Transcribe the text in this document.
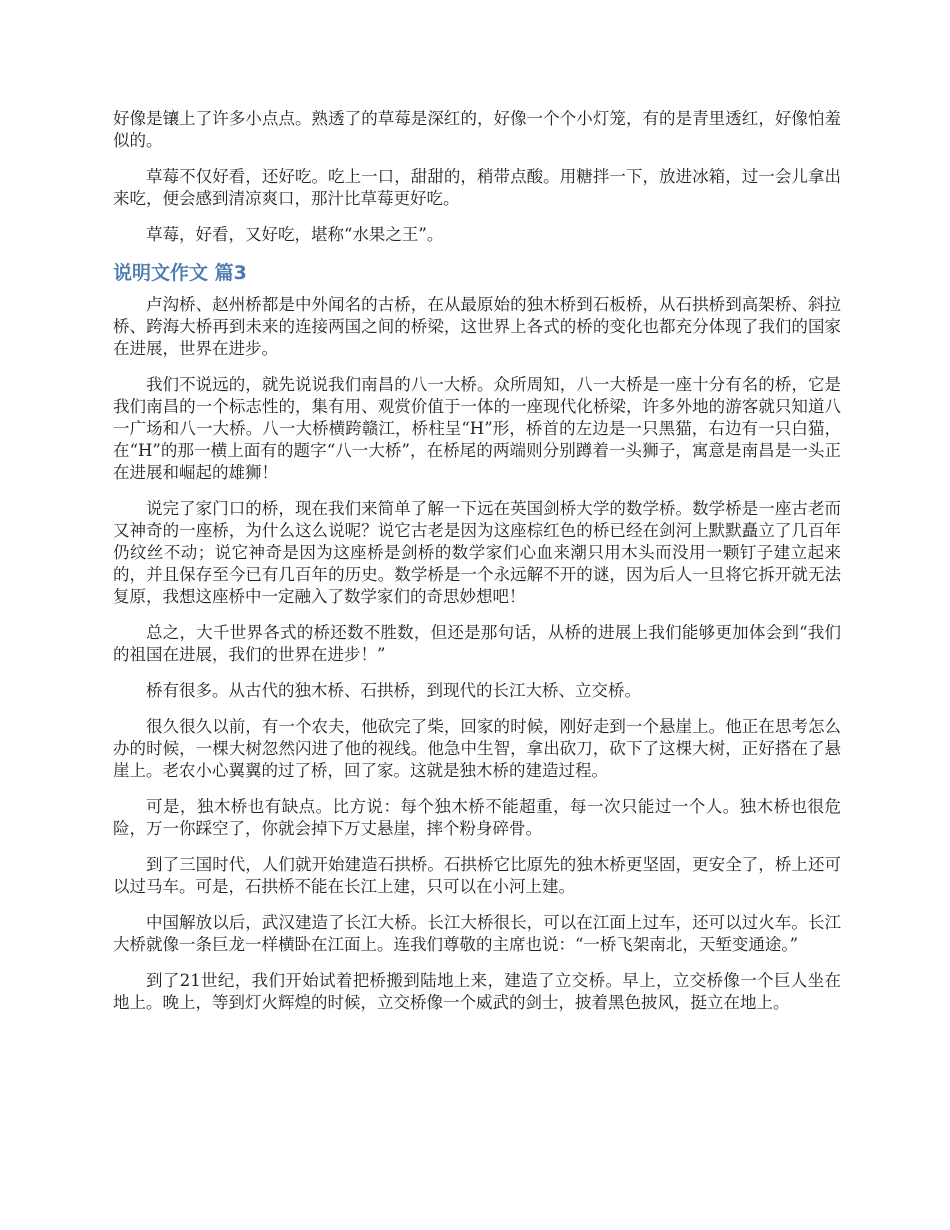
好像是镶上了许多小点点。熟透了的草莓是深红的，好像一个个小灯笼，有的是青里透红，好像怕羞似的。

草莓不仅好看，还好吃。吃上一口，甜甜的，稍带点酸。用糖拌一下，放进冰箱，过一会儿拿出来吃，便会感到清凉爽口，那汁比草莓更好吃。

草莓，好看，又好吃，堪称“水果之王”。

说明文作文 篇3

卢沟桥、赵州桥都是中外闻名的古桥，在从最原始的独木桥到石板桥，从石拱桥到高架桥、斜拉桥、跨海大桥再到未来的连接两国之间的桥梁，这世界上各式的桥的变化也都充分体现了我们的国家在进展，世界在进步。

我们不说远的，就先说说我们南昌的八一大桥。众所周知，八一大桥是一座十分有名的桥，它是我们南昌的一个标志性的，集有用、观赏价值于一体的一座现代化桥梁，许多外地的游客就只知道八一广场和八一大桥。八一大桥横跨赣江，桥柱呈“H”形，桥首的左边是一只黑猫，右边有一只白猫，在“H”的那一横上面有的题字“八一大桥”，在桥尾的两端则分别蹲着一头狮子，寓意是南昌是一头正在进展和崛起的雄狮！

说完了家门口的桥，现在我们来简单了解一下远在英国剑桥大学的数学桥。数学桥是一座古老而又神奇的一座桥，为什么这么说呢？说它古老是因为这座棕红色的桥已经在剑河上默默矗立了几百年仍纹丝不动；说它神奇是因为这座桥是剑桥的数学家们心血来潮只用木头而没用一颗钉子建立起来的，并且保存至今已有几百年的历史。数学桥是一个永远解不开的谜，因为后人一旦将它拆开就无法复原，我想这座桥中一定融入了数学家们的奇思妙想吧！

总之，大千世界各式的桥还数不胜数，但还是那句话，从桥的进展上我们能够更加体会到“我们的祖国在进展，我们的世界在进步！”

桥有很多。从古代的独木桥、石拱桥，到现代的长江大桥、立交桥。

很久很久以前，有一个农夫，他砍完了柴，回家的时候，刚好走到一个悬崖上。他正在思考怎么办的时候，一棵大树忽然闪进了他的视线。他急中生智，拿出砍刀，砍下了这棵大树，正好搭在了悬崖上。老农小心翼翼的过了桥，回了家。这就是独木桥的建造过程。

可是，独木桥也有缺点。比方说：每个独木桥不能超重，每一次只能过一个人。独木桥也很危险，万一你踩空了，你就会掉下万丈悬崖，摔个粉身碎骨。

到了三国时代，人们就开始建造石拱桥。石拱桥它比原先的独木桥更坚固，更安全了，桥上还可以过马车。可是，石拱桥不能在长江上建，只可以在小河上建。

中国解放以后，武汉建造了长江大桥。长江大桥很长，可以在江面上过车，还可以过火车。长江大桥就像一条巨龙一样横卧在江面上。连我们尊敬的主席也说：“一桥飞架南北，天堑变通途。”

到了21世纪，我们开始试着把桥搬到陆地上来，建造了立交桥。早上，立交桥像一个巨人坐在地上。晚上，等到灯火辉煌的时候，立交桥像一个威武的剑士，披着黑色披风，挺立在地上。
